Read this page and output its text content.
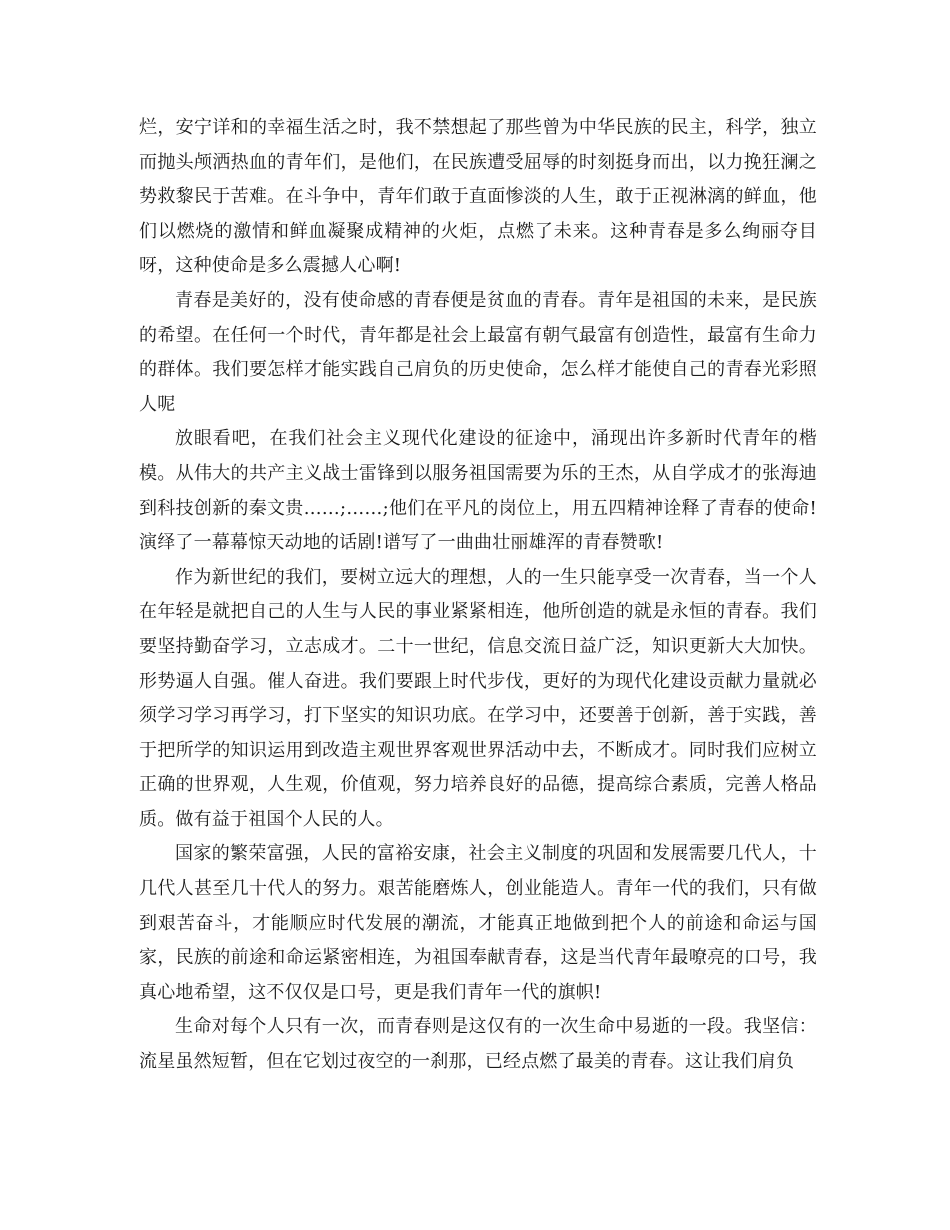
烂，安宁详和的幸福生活之时，我不禁想起了那些曾为中华民族的民主，科学，独立而抛头颅洒热血的青年们，是他们，在民族遭受屈辱的时刻挺身而出，以力挽狂澜之势救黎民于苦难。在斗争中，青年们敢于直面惨淡的人生，敢于正视淋漓的鲜血，他们以燃烧的激情和鲜血凝聚成精神的火炬，点燃了未来。这种青春是多么绚丽夺目呀，这种使命是多么震撼人心啊!

青春是美好的，没有使命感的青春便是贫血的青春。青年是祖国的未来，是民族的希望。在任何一个时代，青年都是社会上最富有朝气最富有创造性，最富有生命力的群体。我们要怎样才能实践自己肩负的历史使命，怎么样才能使自己的青春光彩照人呢

放眼看吧，在我们社会主义现代化建设的征途中，涌现出许多新时代青年的楷模。从伟大的共产主义战士雷锋到以服务祖国需要为乐的王杰，从自学成才的张海迪到科技创新的秦文贵……;……;他们在平凡的岗位上，用五四精神诠释了青春的使命!演绎了一幕幕惊天动地的话剧!谱写了一曲曲壮丽雄浑的青春赞歌!

作为新世纪的我们，要树立远大的理想，人的一生只能享受一次青春，当一个人在年轻是就把自己的人生与人民的事业紧紧相连，他所创造的就是永恒的青春。我们要坚持勤奋学习，立志成才。二十一世纪，信息交流日益广泛，知识更新大大加快。形势逼人自强。催人奋进。我们要跟上时代步伐，更好的为现代化建设贡献力量就必须学习学习再学习，打下坚实的知识功底。在学习中，还要善于创新，善于实践，善于把所学的知识运用到改造主观世界客观世界活动中去，不断成才。同时我们应树立正确的世界观，人生观，价值观，努力培养良好的品德，提高综合素质，完善人格品质。做有益于祖国个人民的人。

国家的繁荣富强，人民的富裕安康，社会主义制度的巩固和发展需要几代人，十几代人甚至几十代人的努力。艰苦能磨炼人，创业能造人。青年一代的我们，只有做到艰苦奋斗，才能顺应时代发展的潮流，才能真正地做到把个人的前途和命运与国家，民族的前途和命运紧密相连，为祖国奉献青春，这是当代青年最嘹亮的口号，我真心地希望，这不仅仅是口号，更是我们青年一代的旗帜!

生命对每个人只有一次，而青春则是这仅有的一次生命中易逝的一段。我坚信：流星虽然短暂，但在它划过夜空的一刹那，已经点燃了最美的青春。这让我们肩负
